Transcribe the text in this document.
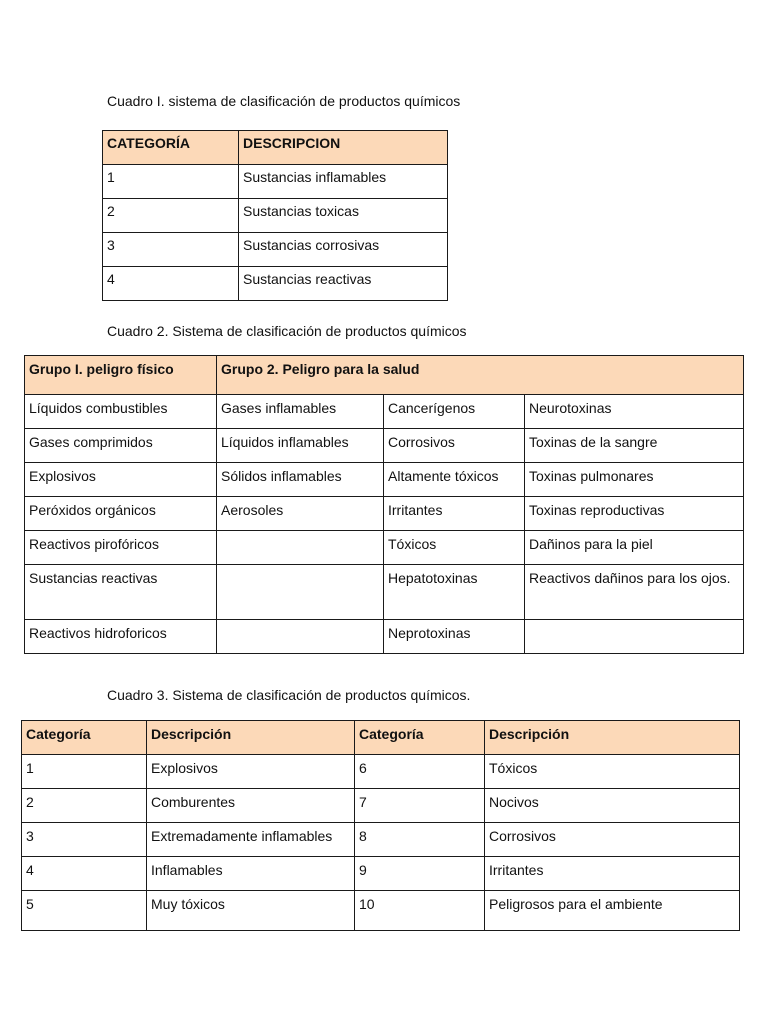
Cuadro I. sistema de clasificación de productos químicos

CATEGORÍA	DESCRIPCION
1	Sustancias inflamables
2	Sustancias toxicas
3	Sustancias corrosivas
4	Sustancias reactivas

Cuadro 2. Sistema de clasificación de productos químicos

Grupo I. peligro físico	Grupo 2. Peligro para la salud		
Líquidos combustibles	Gases inflamables	Cancerígenos	Neurotoxinas
Gases comprimidos	Líquidos inflamables	Corrosivos	Toxinas de la sangre
Explosivos	Sólidos inflamables	Altamente tóxicos	Toxinas pulmonares
Peróxidos orgánicos	Aerosoles	Irritantes	Toxinas reproductivas
Reactivos pirofóricos		Tóxicos	Dañinos para la piel
Sustancias reactivas		Hepatotoxinas	Reactivos dañinos para los ojos.
Reactivos hidroforicos		Neprotoxinas	

Cuadro 3. Sistema de clasificación de productos químicos.

Categoría	Descripción	Categoría	Descripción
1	Explosivos	6	Tóxicos
2	Comburentes	7	Nocivos
3	Extremadamente inflamables	8	Corrosivos
4	Inflamables	9	Irritantes
5	Muy tóxicos	10	Peligrosos para el ambiente
